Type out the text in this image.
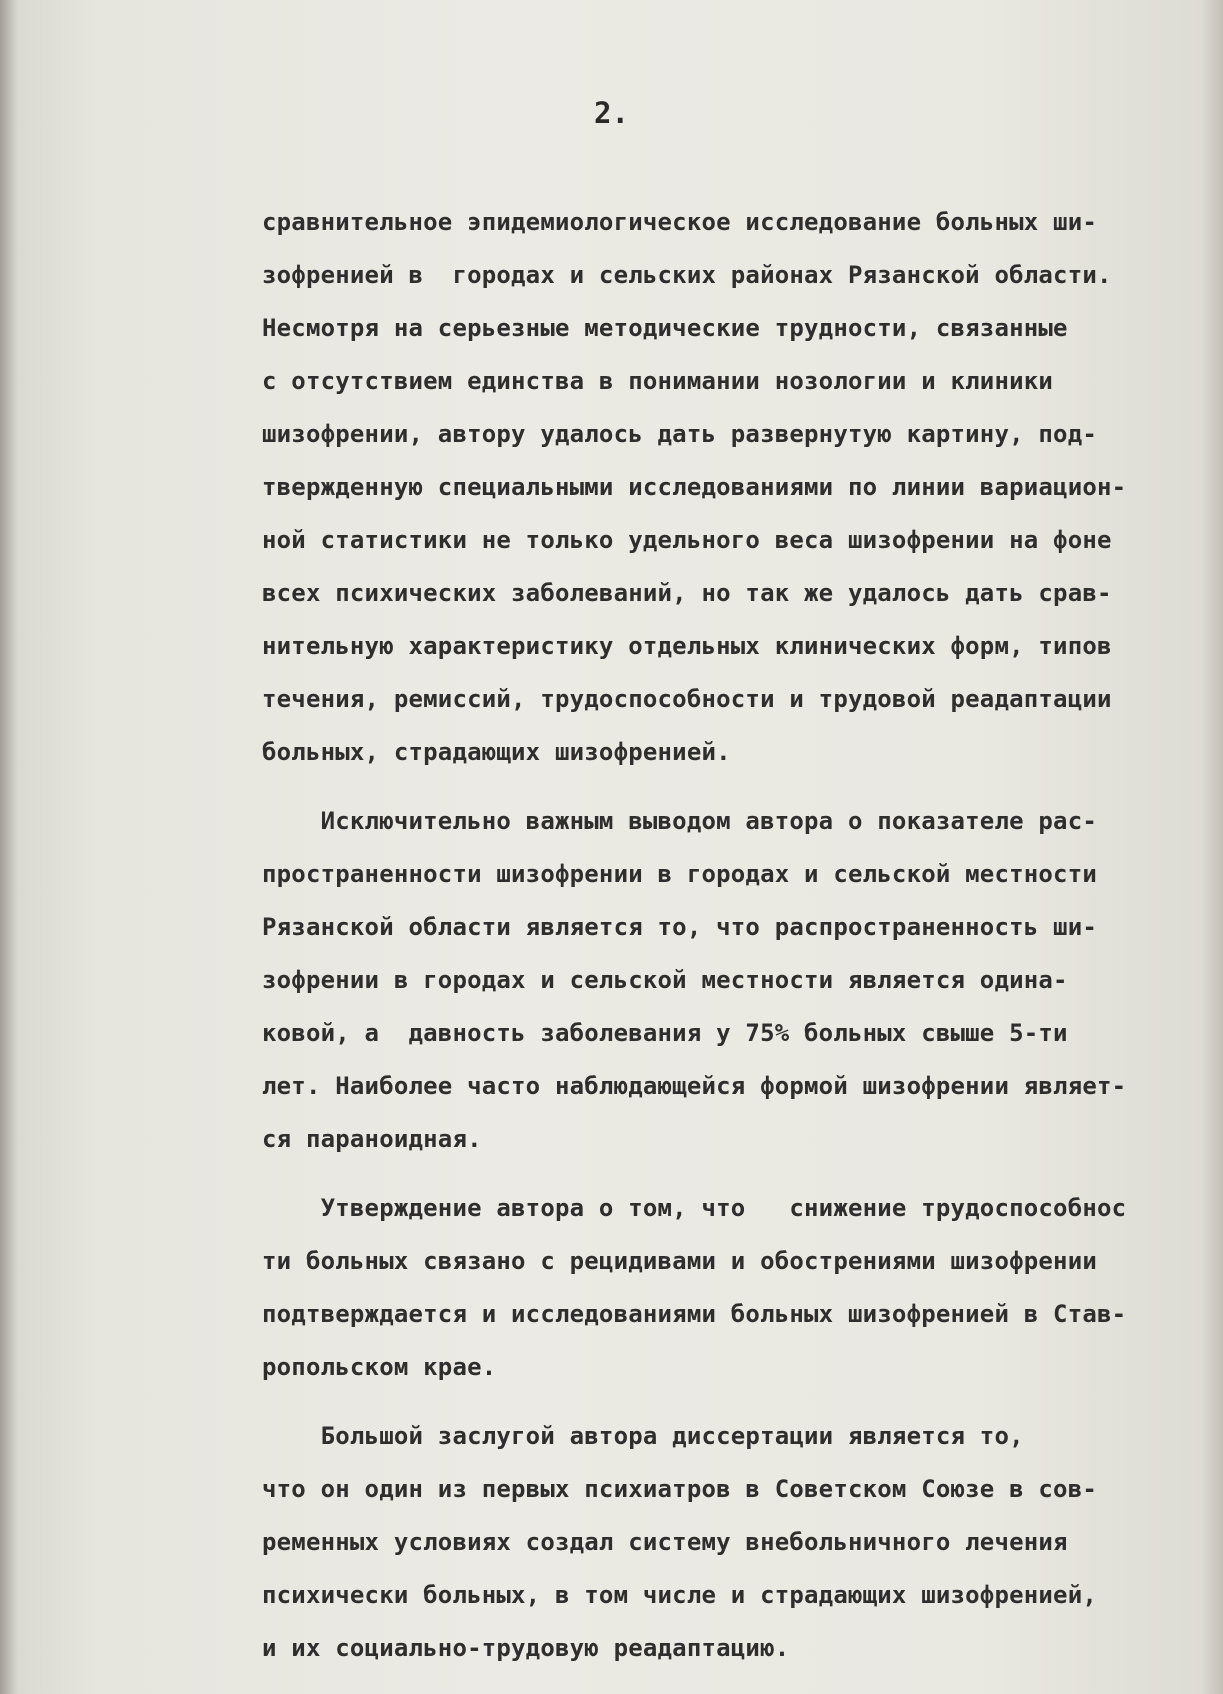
2.
сравнительное эпидемиологическое исследование больных ши-
зофренией в  городах и сельских районах Рязанской области.
Несмотря на серьезные методические трудности, связанные
с отсутствием единства в понимании нозологии и клиники
шизофрении, автору удалось дать развернутую картину, под-
твержденную специальными исследованиями по линии вариацион-
ной статистики не только удельного веса шизофрении на фоне
всех психических заболеваний, но так же удалось дать срав-
нительную характеристику отдельных клинических форм, типов
течения, ремиссий, трудоспособности и трудовой реадаптации
больных, страдающих шизофренией.
Исключительно важным выводом автора о показателе рас-
пространенности шизофрении в городах и сельской местности
Рязанской области является то, что распространенность ши-
зофрении в городах и сельской местности является одина-
ковой, а  давность заболевания у 75% больных свыше 5-ти
лет. Наиболее часто наблюдающейся формой шизофрении являет-
ся параноидная.
Утверждение автора о том, что   снижение трудоспособнос
ти больных связано с рецидивами и обострениями шизофрении
подтверждается и исследованиями больных шизофренией в Став-
ропольском крае.
Большой заслугой автора диссертации является то,
что он один из первых психиатров в Советском Союзе в сов-
ременных условиях создал систему внебольничного лечения
психически больных, в том числе и страдающих шизофренией,
и их социально-трудовую реадаптацию.
